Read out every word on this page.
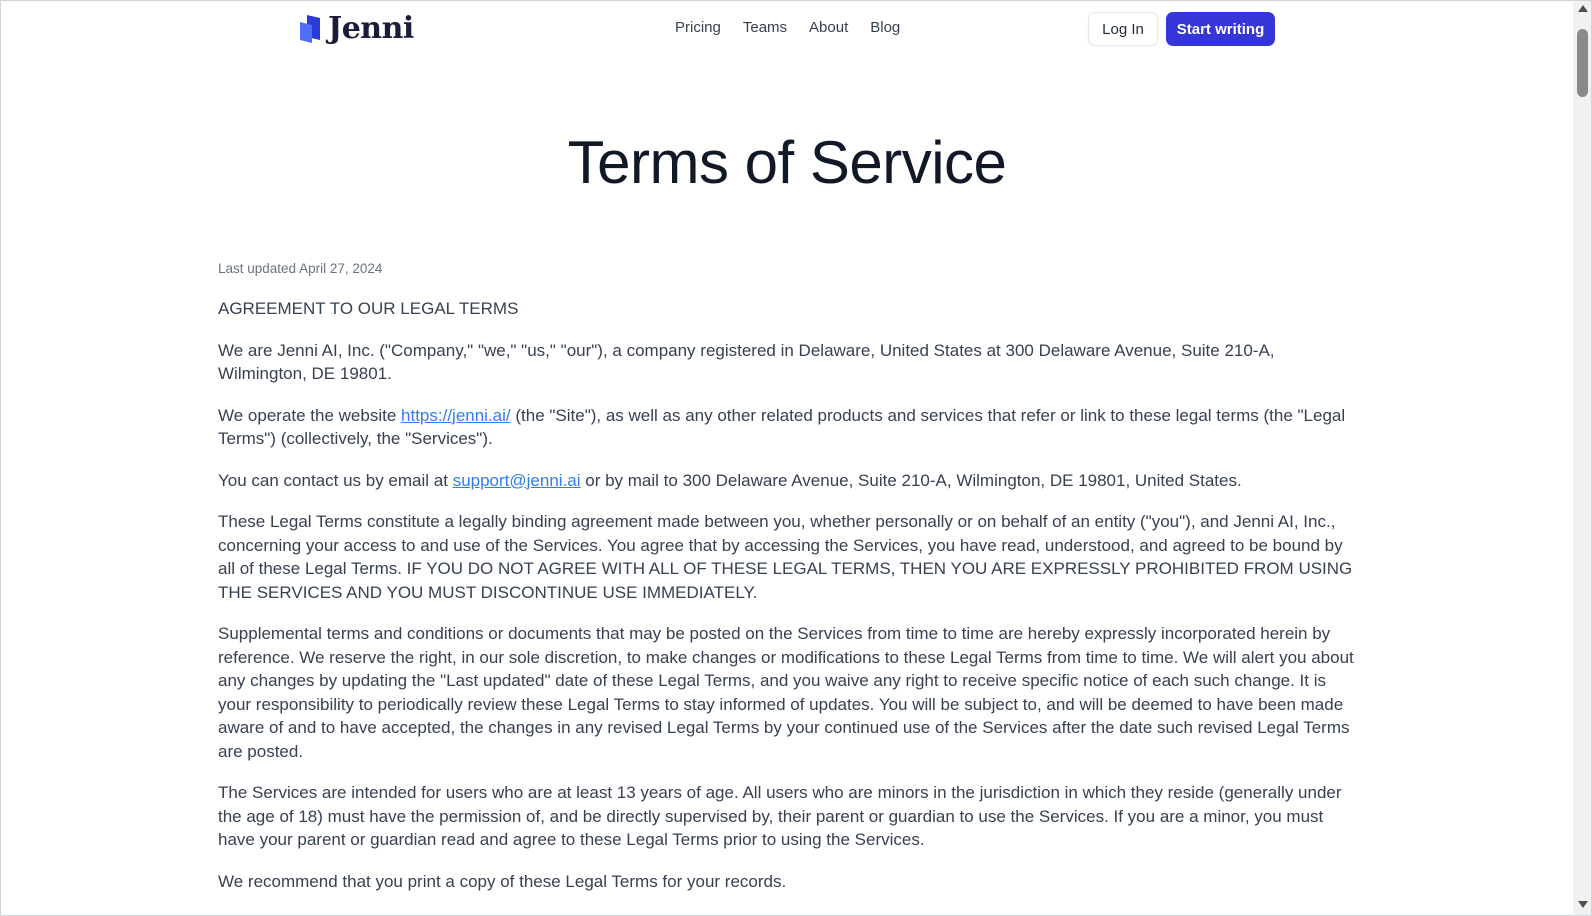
Jenni	Pricing Teams About Blog	Log In	Start writing
Terms of Service
Last updated April 27, 2024

AGREEMENT TO OUR LEGAL TERMS

We are Jenni AI, Inc. ("Company," "we," "us," "our"), a company registered in Delaware, United States at 300 Delaware Avenue, Suite 210-A, Wilmington, DE 19801.

We operate the website https://jenni.ai/ (the "Site"), as well as any other related products and services that refer or link to these legal terms (the "Legal Terms") (collectively, the "Services").

You can contact us by email at support@jenni.ai or by mail to 300 Delaware Avenue, Suite 210-A, Wilmington, DE 19801, United States.

These Legal Terms constitute a legally binding agreement made between you, whether personally or on behalf of an entity ("you"), and Jenni AI, Inc., concerning your access to and use of the Services. You agree that by accessing the Services, you have read, understood, and agreed to be bound by all of these Legal Terms. IF YOU DO NOT AGREE WITH ALL OF THESE LEGAL TERMS, THEN YOU ARE EXPRESSLY PROHIBITED FROM USING THE SERVICES AND YOU MUST DISCONTINUE USE IMMEDIATELY.

Supplemental terms and conditions or documents that may be posted on the Services from time to time are hereby expressly incorporated herein by reference. We reserve the right, in our sole discretion, to make changes or modifications to these Legal Terms from time to time. We will alert you about any changes by updating the "Last updated" date of these Legal Terms, and you waive any right to receive specific notice of each such change. It is your responsibility to periodically review these Legal Terms to stay informed of updates. You will be subject to, and will be deemed to have been made aware of and to have accepted, the changes in any revised Legal Terms by your continued use of the Services after the date such revised Legal Terms are posted.

The Services are intended for users who are at least 13 years of age. All users who are minors in the jurisdiction in which they reside (generally under the age of 18) must have the permission of, and be directly supervised by, their parent or guardian to use the Services. If you are a minor, you must have your parent or guardian read and agree to these Legal Terms prior to using the Services.

We recommend that you print a copy of these Legal Terms for your records.
